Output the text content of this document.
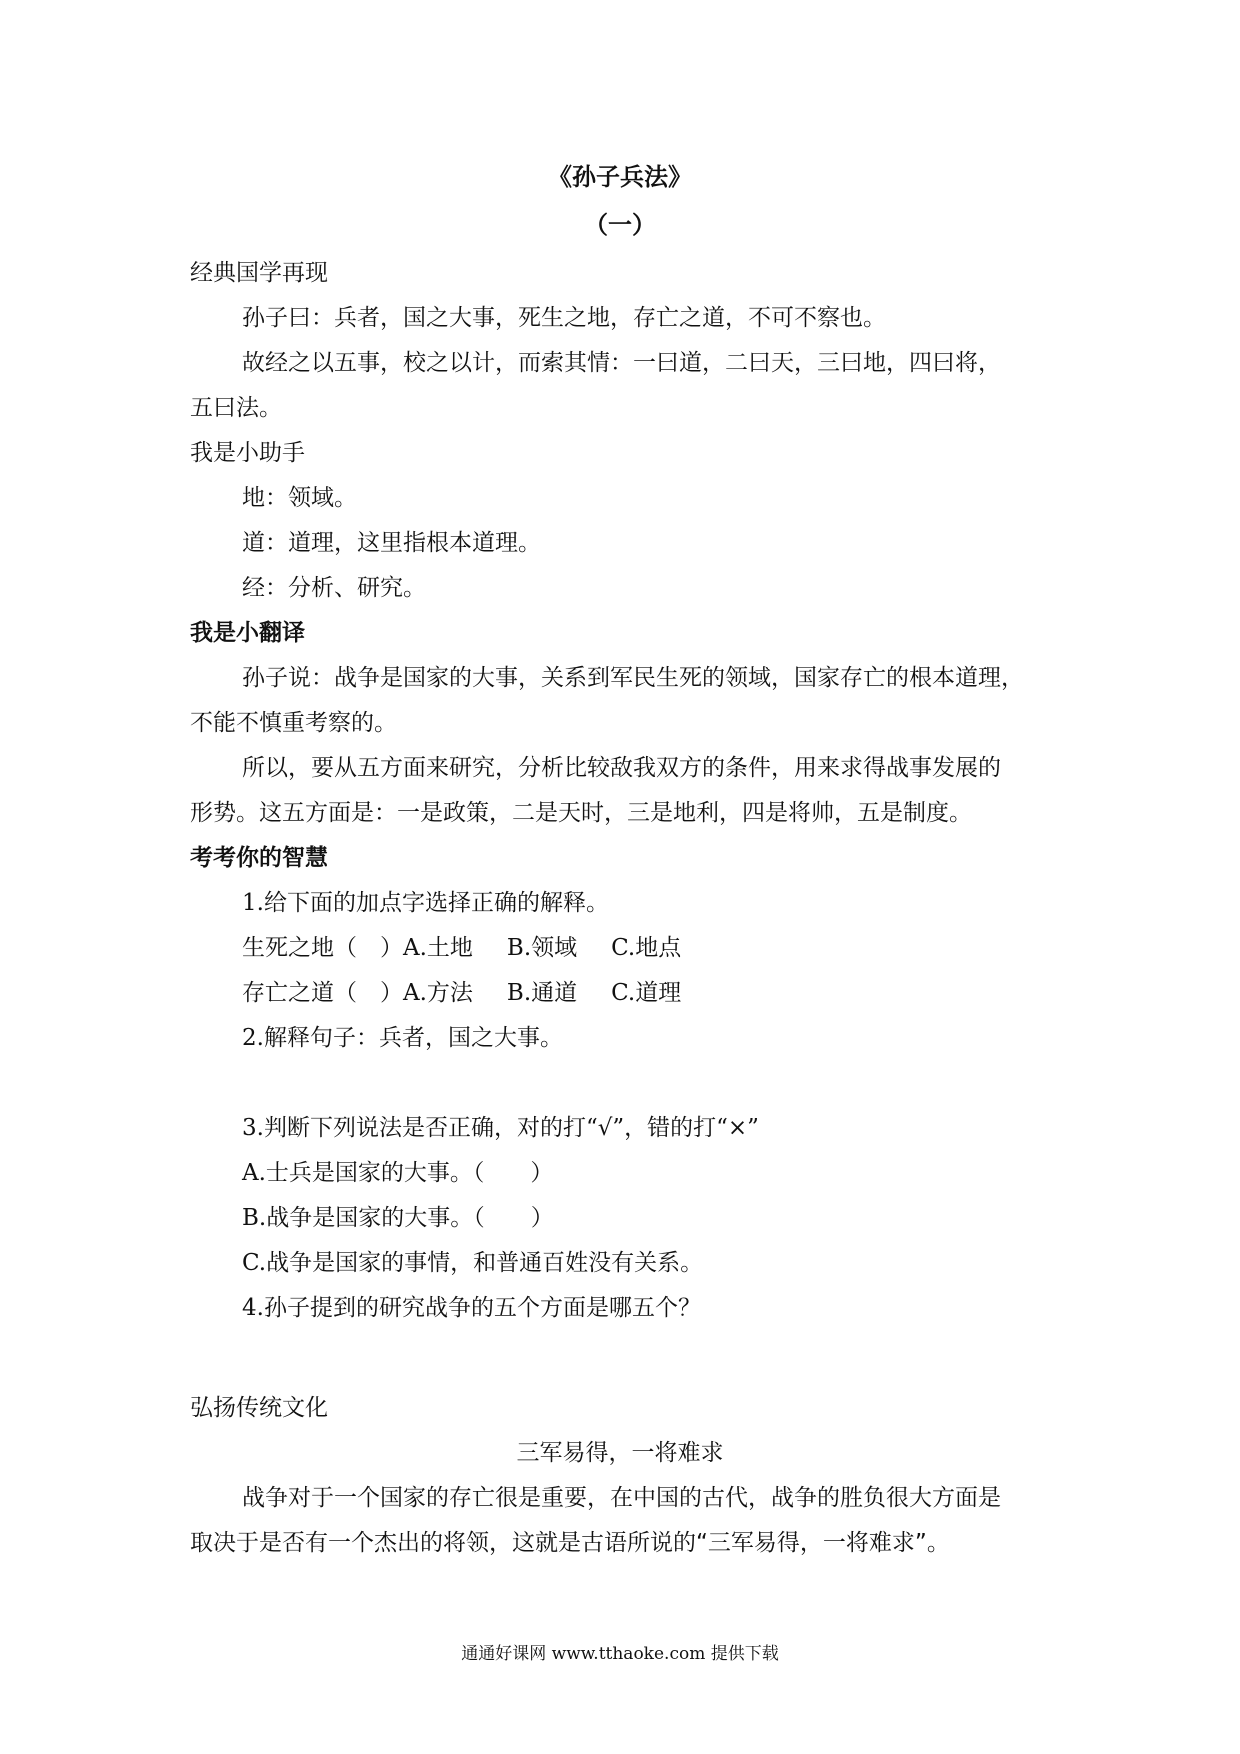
《孙子兵法》
（一）
经典国学再现
孙子曰：兵者，国之大事，死生之地，存亡之道，不可不察也。
故经之以五事，校之以计，而索其情：一曰道，二曰天，三曰地，四曰将，
五曰法。
我是小助手
地：领域。
道：道理，这里指根本道理。
经：分析、研究。
我是小翻译
孙子说：战争是国家的大事，关系到军民生死的领域，国家存亡的根本道理，
不能不慎重考察的。
所以，要从五方面来研究，分析比较敌我双方的条件，用来求得战事发展的
形势。这五方面是：一是政策，二是天时，三是地利，四是将帅，五是制度。
考考你的智慧
1.给下面的加点字选择正确的解释。
生死之地（　）A.土地 B.领域 C.地点
存亡之道（　）A.方法 B.通道 C.道理
2.解释句子：兵者，国之大事。
3.判断下列说法是否正确，对的打“√”，错的打“×”
A.士兵是国家的大事。（　　）
B.战争是国家的大事。（　　）
C.战争是国家的事情，和普通百姓没有关系。
4.孙子提到的研究战争的五个方面是哪五个？
弘扬传统文化
三军易得，一将难求
战争对于一个国家的存亡很是重要，在中国的古代，战争的胜负很大方面是
取决于是否有一个杰出的将领，这就是古语所说的“三军易得，一将难求”。
通通好课网 www.tthaoke.com 提供下载
